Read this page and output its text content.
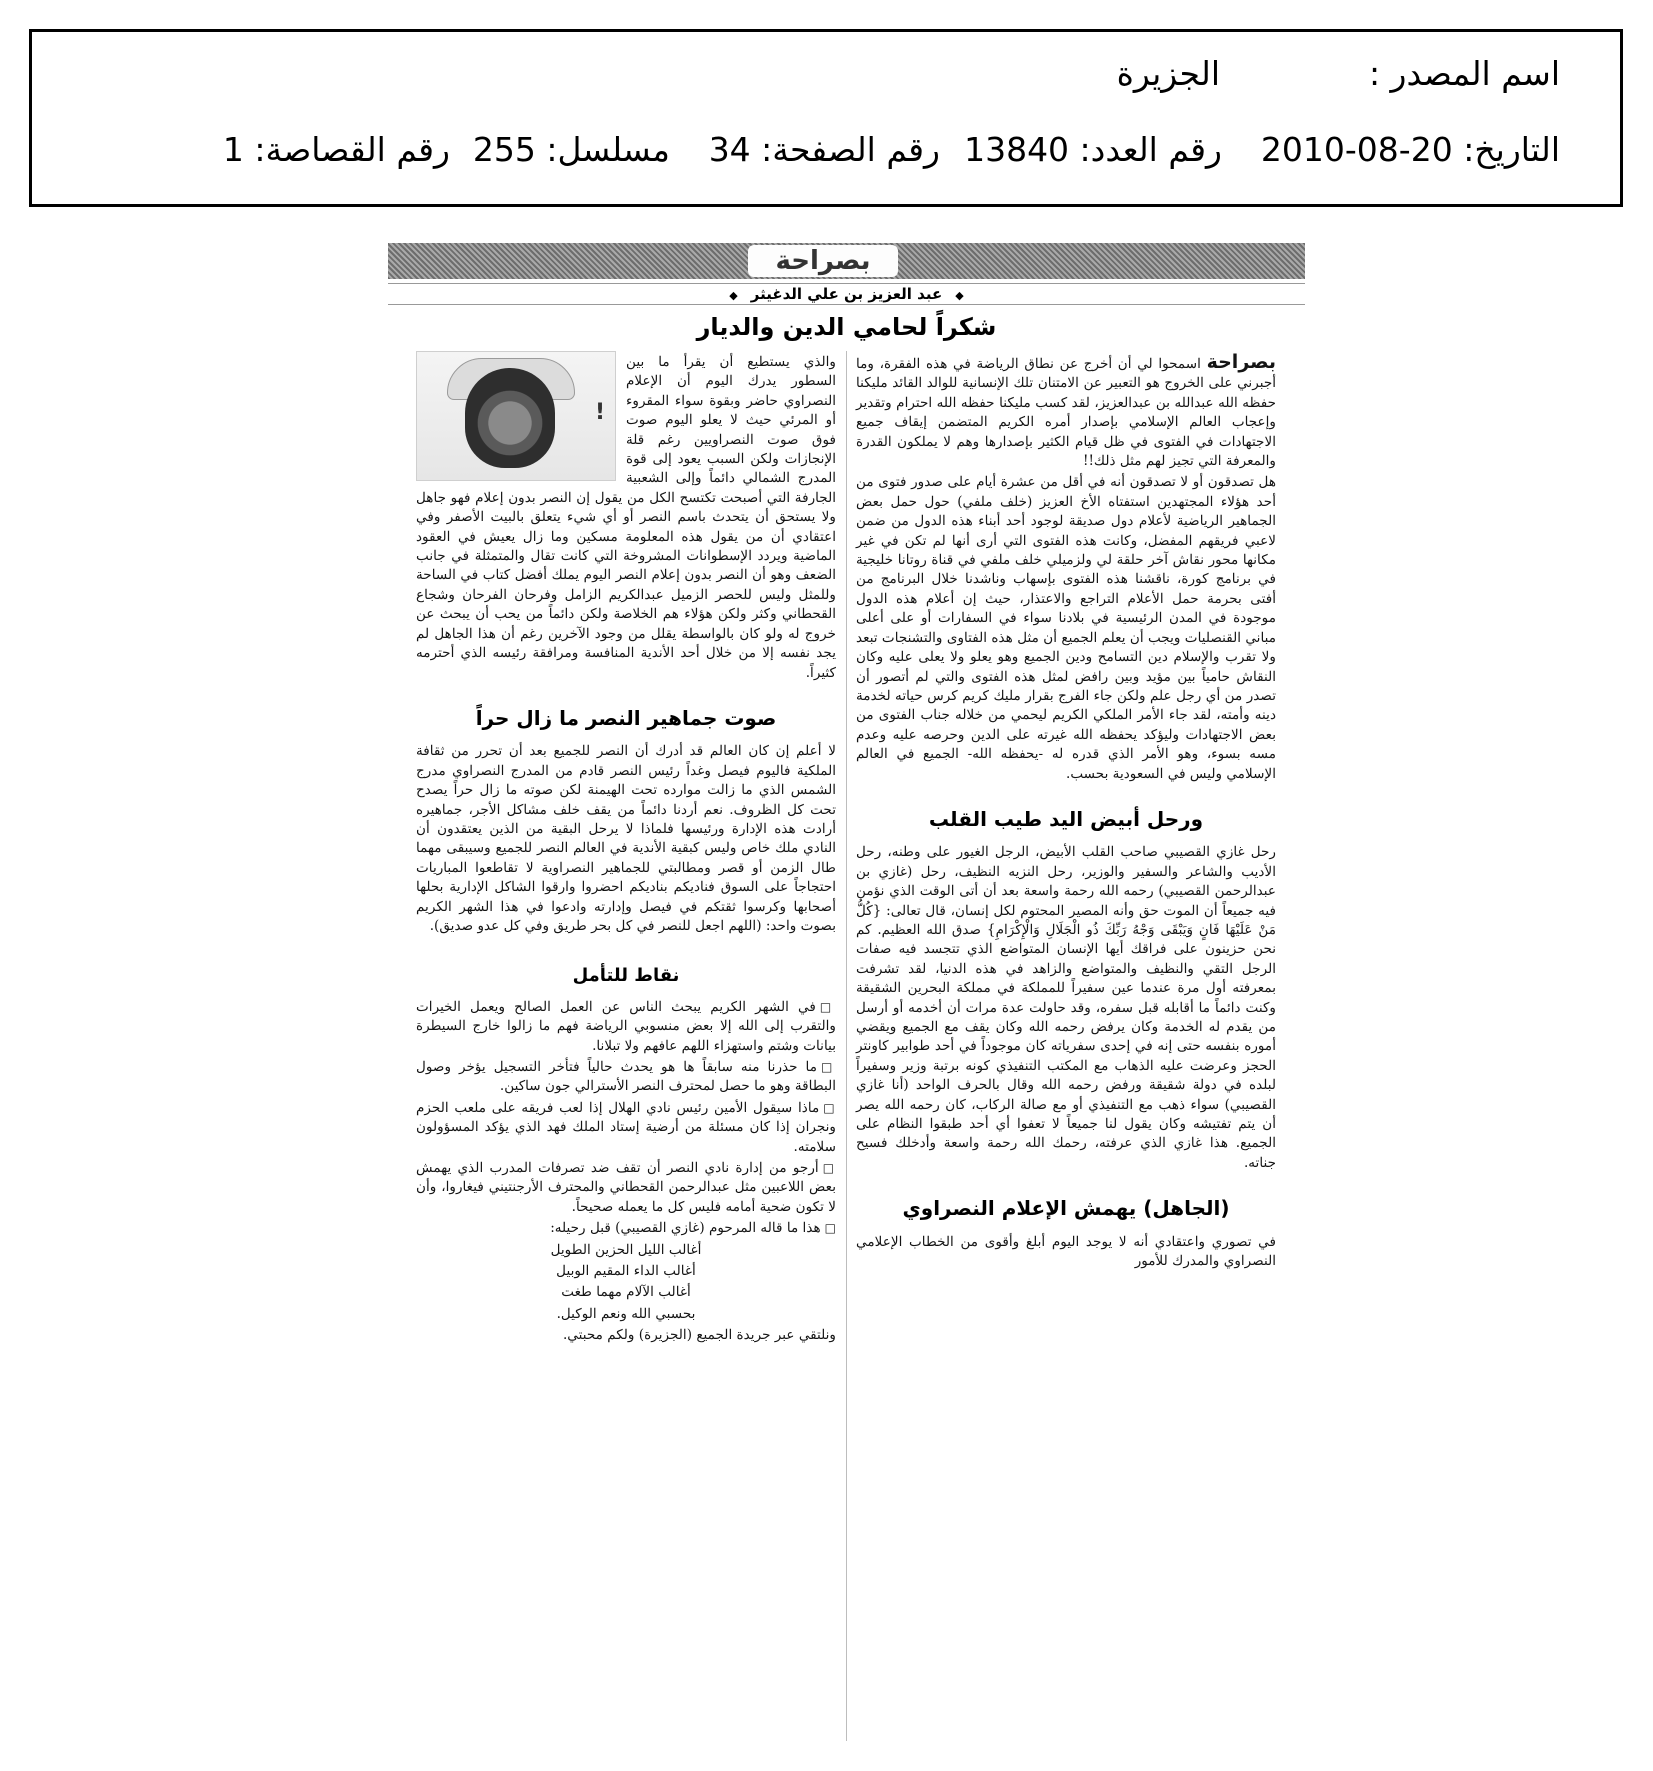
اسم المصدر :
الجزيرة
التاريخ: 20-08-2010
رقم العدد: 13840
رقم الصفحة: 34
مسلسل: 255
رقم القصاصة: 1
بصراحة
◆ عبد العزيز بن علي الدغيثر ◆
شكراً لحامي الدين والديار

بصراحة اسمحوا لي أن أخرج عن نطاق الرياضة في هذه الفقرة، وما أجبرني على الخروج هو التعبير عن الامتنان تلك الإنسانية للوالد القائد مليكنا حفظه الله عبدالله بن عبدالعزيز، لقد كسب مليكنا حفظه الله احترام وتقدير وإعجاب العالم الإسلامي بإصدار أمره الكريم المتضمن إيقاف جميع الاجتهادات في الفتوى في ظل قيام الكثير بإصدارها وهم لا يملكون القدرة والمعرفة التي تجيز لهم مثل ذلك!!

هل تصدقون أو لا تصدقون أنه في أقل من عشرة أيام على صدور فتوى من أحد هؤلاء المجتهدين استفتاه الأخ العزيز (خلف ملفي) حول حمل بعض الجماهير الرياضية لأعلام دول صديقة لوجود أحد أبناء هذه الدول من ضمن لاعبي فريقهم المفضل، وكانت هذه الفتوى التي أرى أنها لم تكن في غير مكانها محور نقاش آخر حلقة لي ولزميلي خلف ملفي في قناة روتانا خليجية في برنامج كورة، ناقشنا هذه الفتوى بإسهاب وناشدنا خلال البرنامج من أفتى بحرمة حمل الأعلام التراجع والاعتذار، حيث إن أعلام هذه الدول موجودة في المدن الرئيسية في بلادنا سواء في السفارات أو على أعلى مباني القنصليات ويجب أن يعلم الجميع أن مثل هذه الفتاوى والتشنجات تبعد ولا تقرب والإسلام دين التسامح ودين الجميع وهو يعلو ولا يعلى عليه وكان النقاش حامياً بين مؤيد وبين رافض لمثل هذه الفتوى والتي لم أتصور أن تصدر من أي رجل علم ولكن جاء الفرج بقرار مليك كريم كرس حياته لخدمة دينه وأمته، لقد جاء الأمر الملكي الكريم ليحمي من خلاله جناب الفتوى من بعض الاجتهادات وليؤكد يحفظه الله غيرته على الدين وحرصه عليه وعدم مسه بسوء، وهو الأمر الذي قدره له -يحفظه الله- الجميع في العالم الإسلامي وليس في السعودية بحسب.

ورحل أبيض اليد طيب القلب

رحل غازي القصيبي صاحب القلب الأبيض، الرجل الغيور على وطنه، رحل الأديب والشاعر والسفير والوزير، رحل النزيه النظيف، رحل (غازي بن عبدالرحمن القصيبي) رحمه الله رحمة واسعة بعد أن أتى الوقت الذي نؤمن فيه جميعاً أن الموت حق وأنه المصير المحتوم لكل إنسان، قال تعالى: {كُلُّ مَنْ عَلَيْهَا فَانٍ وَيَبْقَى وَجْهُ رَبِّكَ ذُو الْجَلَالِ وَالْإِكْرَامِ} صدق الله العظيم. كم نحن حزينون على فراقك أيها الإنسان المتواضع الذي تتجسد فيه صفات الرجل التقي والنظيف والمتواضع والزاهد في هذه الدنيا، لقد تشرفت بمعرفته أول مرة عندما عين سفيراً للمملكة في مملكة البحرين الشقيقة وكنت دائماً ما أقابله قبل سفره، وقد حاولت عدة مرات أن أخدمه أو أرسل من يقدم له الخدمة وكان يرفض رحمه الله وكان يقف مع الجميع ويقضي أموره بنفسه حتى إنه في إحدى سفرياته كان موجوداً في أحد طوابير كاونتر الحجز وعرضت عليه الذهاب مع المكتب التنفيذي كونه برتبة وزير وسفيراً لبلده في دولة شقيقة ورفض رحمه الله وقال بالحرف الواحد (أنا غازي القصيبي) سواء ذهب مع التنفيذي أو مع صالة الركاب، كان رحمه الله يصر أن يتم تفتيشه وكان يقول لنا جميعاً لا تعفوا أي أحد طبقوا النظام على الجميع. هذا غازي الذي عرفته، رحمك الله رحمة واسعة وأدخلك فسيح جناته.

(الجاهل) يهمش الإعلام النصراوي

في تصوري واعتقادي أنه لا يوجد اليوم أبلغ وأقوى من الخطاب الإعلامي النصراوي والمدرك للأمور

والذي يستطيع أن يقرأ ما بين السطور يدرك اليوم أن الإعلام النصراوي حاضر وبقوة سواء المقروء أو المرئي حيث لا يعلو اليوم صوت فوق صوت النصراويين رغم قلة الإنجازات ولكن السبب يعود إلى قوة المدرج الشمالي دائماً وإلى الشعبية الجارفة التي أصبحت تكتسح الكل من يقول إن النصر بدون إعلام فهو جاهل ولا يستحق أن يتحدث باسم النصر أو أي شيء يتعلق بالبيت الأصفر وفي اعتقادي أن من يقول هذه المعلومة مسكين وما زال يعيش في العقود الماضية ويردد الإسطوانات المشروخة التي كانت تقال والمتمثلة في جانب الضعف وهو أن النصر بدون إعلام النصر اليوم يملك أفضل كتاب في الساحة وللمثل وليس للحصر الزميل عبدالكريم الزامل وفرحان الفرحان وشجاع القحطاني وكثر ولكن هؤلاء هم الخلاصة ولكن دائماً من يحب أن يبحث عن خروج له ولو كان بالواسطة يقلل من وجود الآخرين رغم أن هذا الجاهل لم يجد نفسه إلا من خلال أحد الأندية المنافسة ومرافقة رئيسه الذي أحترمه كثيراً.

صوت جماهير النصر ما زال حراً

لا أعلم إن كان العالم قد أدرك أن النصر للجميع بعد أن تحرر من ثقافة الملكية فاليوم فيصل وغداً رئيس النصر قادم من المدرج النصراوي مدرج الشمس الذي ما زالت موارده تحت الهيمنة لكن صوته ما زال حراً يصدح تحت كل الظروف. نعم أردنا دائماً من يقف خلف مشاكل الأجر، جماهيره أرادت هذه الإدارة ورئيسها فلماذا لا يرحل البقية من الذين يعتقدون أن النادي ملك خاص وليس كبقية الأندية في العالم النصر للجميع وسيبقى مهما طال الزمن أو قصر ومطالبتي للجماهير النصراوية لا تقاطعوا المباريات احتجاجاً على السوق فناديكم بناديكم احضروا وارقوا الشاكل الإدارية بحلها أصحابها وكرسوا ثقتكم في فيصل وإدارته وادعوا في هذا الشهر الكريم بصوت واحد: (اللهم اجعل للنصر في كل بحر طريق وفي كل عدو صديق).

نقاط للتأمل

□في الشهر الكريم يبحث الناس عن العمل الصالح ويعمل الخيرات والتقرب إلى الله إلا بعض منسوبي الرياضة فهم ما زالوا خارج السيطرة بيانات وشتم واستهزاء اللهم عافهم ولا تبلانا.

□ما حذرنا منه سابقاً ها هو يحدث حالياً فتأخر التسجيل يؤخر وصول البطاقة وهو ما حصل لمحترف النصر الأسترالي جون ساكين.

□ماذا سيقول الأمين رئيس نادي الهلال إذا لعب فريقه على ملعب الحزم ونجران إذا كان مسئلة من أرضية إستاد الملك فهد الذي يؤكد المسؤولون سلامته.

□أرجو من إدارة نادي النصر أن تقف ضد تصرفات المدرب الذي يهمش بعض اللاعبين مثل عبدالرحمن القحطاني والمحترف الأرجنتيني فيغاروا، وأن لا تكون ضحية أمامه فليس كل ما يعمله صحيحاً.

□هذا ما قاله المرحوم (غازي القصيبي) قبل رحيله:

أغالب الليل الحزين الطويل

أغالب الداء المقيم الوبيل

أغالب الآلام مهما طغت

بحسبي الله ونعم الوكيل.

ونلتقي عبر جريدة الجميع (الجزيرة) ولكم محبتي.

!
